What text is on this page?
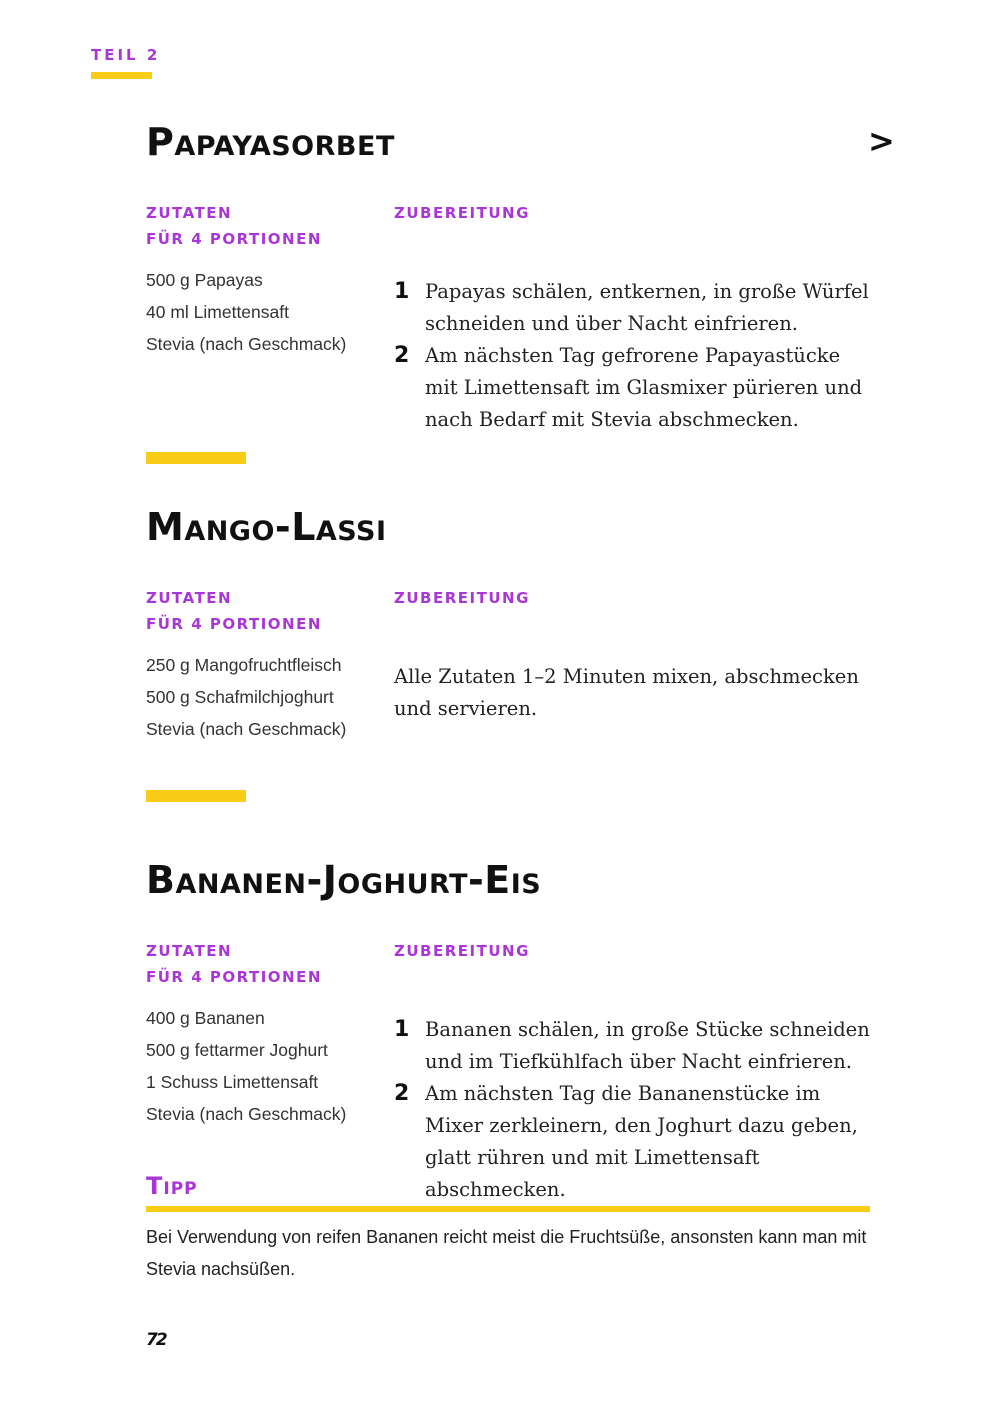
TEIL 2
>
Papayasorbet
ZUTATEN
FÜR 4 PORTIONEN

500 g Papayas

40 ml Limettensaft

Stevia (nach Geschmack)

ZUBEREITUNG
1 Papayas schälen, entkernen, in große Würfel schneiden und über Nacht einfrieren.
2 Am nächsten Tag gefrorene Papayastücke mit Limettensaft im Glasmixer pürieren und nach Bedarf mit Stevia abschmecken.
Mango-Lassi
ZUTATEN
FÜR 4 PORTIONEN

250 g Mangofruchtfleisch

500 g Schafmilchjoghurt

Stevia (nach Geschmack)

ZUBEREITUNG
Alle Zutaten 1–2 Minuten mixen, abschmecken und servieren.
Bananen-Joghurt-Eis
ZUTATEN
FÜR 4 PORTIONEN

400 g Bananen

500 g fettarmer Joghurt

1 Schuss Limettensaft

Stevia (nach Geschmack)

ZUBEREITUNG
1 Bananen schälen, in große Stücke schneiden und im Tiefkühlfach über Nacht einfrieren.
2 Am nächsten Tag die Bananenstücke im Mixer zerkleinern, den Joghurt dazu geben, glatt rühren und mit Limettensaft abschmecken.
Tipp
Bei Verwendung von reifen Bananen reicht meist die Fruchtsüße, ansonsten kann man mit Stevia nachsüßen.
72
